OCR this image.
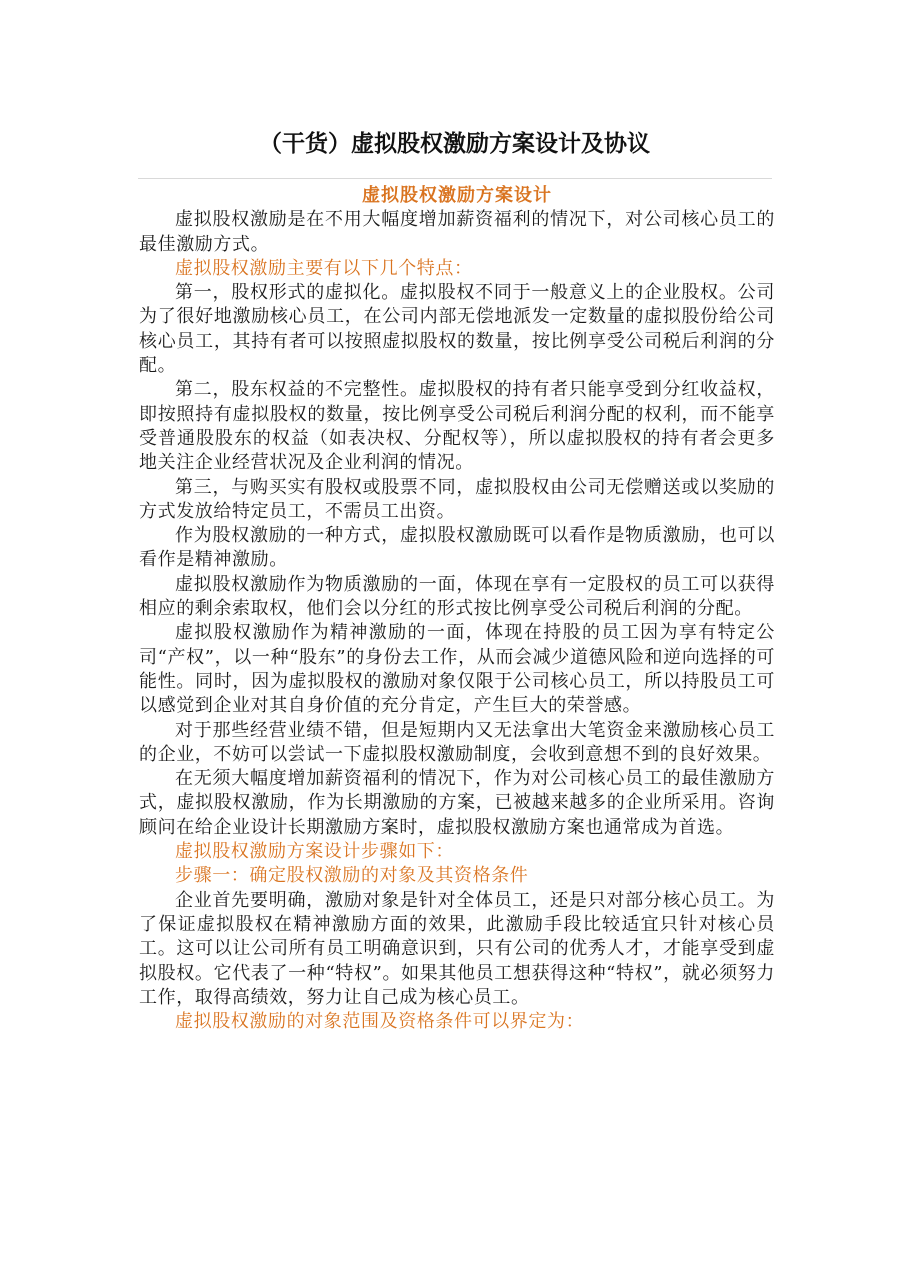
（干货）虚拟股权激励方案设计及协议

虚拟股权激励方案设计

虚拟股权激励是在不用大幅度增加薪资福利的情况下，对公司核心员工的最佳激励方式。

虚拟股权激励主要有以下几个特点：

第一，股权形式的虚拟化。虚拟股权不同于一般意义上的企业股权。公司为了很好地激励核心员工，在公司内部无偿地派发一定数量的虚拟股份给公司核心员工，其持有者可以按照虚拟股权的数量，按比例享受公司税后利润的分配。

第二，股东权益的不完整性。虚拟股权的持有者只能享受到分红收益权，即按照持有虚拟股权的数量，按比例享受公司税后利润分配的权利，而不能享受普通股股东的权益（如表决权、分配权等），所以虚拟股权的持有者会更多地关注企业经营状况及企业利润的情况。

第三，与购买实有股权或股票不同，虚拟股权由公司无偿赠送或以奖励的方式发放给特定员工，不需员工出资。

作为股权激励的一种方式，虚拟股权激励既可以看作是物质激励，也可以看作是精神激励。

虚拟股权激励作为物质激励的一面，体现在享有一定股权的员工可以获得相应的剩余索取权，他们会以分红的形式按比例享受公司税后利润的分配。

虚拟股权激励作为精神激励的一面，体现在持股的员工因为享有特定公司“产权”，以一种“股东”的身份去工作，从而会减少道德风险和逆向选择的可能性。同时，因为虚拟股权的激励对象仅限于公司核心员工，所以持股员工可以感觉到企业对其自身价值的充分肯定，产生巨大的荣誉感。

对于那些经营业绩不错，但是短期内又无法拿出大笔资金来激励核心员工的企业，不妨可以尝试一下虚拟股权激励制度，会收到意想不到的良好效果。

在无须大幅度增加薪资福利的情况下，作为对公司核心员工的最佳激励方式，虚拟股权激励，作为长期激励的方案，已被越来越多的企业所采用。咨询顾问在给企业设计长期激励方案时，虚拟股权激励方案也通常成为首选。

虚拟股权激励方案设计步骤如下：

步骤一：确定股权激励的对象及其资格条件

企业首先要明确，激励对象是针对全体员工，还是只对部分核心员工。为了保证虚拟股权在精神激励方面的效果，此激励手段比较适宜只针对核心员工。这可以让公司所有员工明确意识到，只有公司的优秀人才，才能享受到虚拟股权。它代表了一种“特权”。如果其他员工想获得这种“特权”，就必须努力工作，取得高绩效，努力让自己成为核心员工。

虚拟股权激励的对象范围及资格条件可以界定为：
